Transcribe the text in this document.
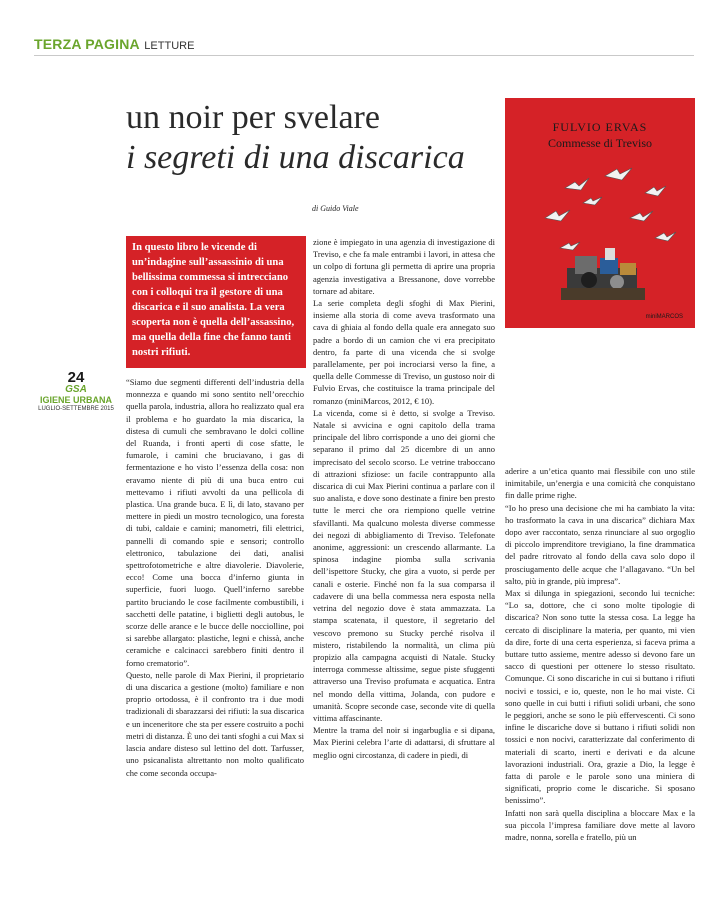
TERZA PAGINA LETTURE
un noir per svelare
i segreti di una discarica
di Guido Viale
FULVIO ERVAS
Commesse di Treviso
miniMARCOS
In questo libro le vicende di un’indagine sull’assassinio di una bellissima commessa si intrecciano con i colloqui tra il gestore di una discarica e il suo analista. La vera scoperta non è quella dell’assassino, ma quella della fine che fanno tanti nostri rifiuti.
24
GSA
IGIENE URBANA
LUGLIO-SETTEMBRE 2015

“Siamo due segmenti differenti dell’industria della monnezza e quando mi sono sentito nell’orecchio quella parola, industria, allora ho realizzato qual era il problema e ho guardato la mia discarica, la distesa di cumuli che sembravano le dolci colline del Ruanda, i fronti aperti di cose sfatte, le fumarole, i camini che bruciavano, i gas di fermentazione e ho visto l’essenza della cosa: non eravamo niente di più di una buca entro cui mettevamo i rifiuti avvolti da una pellicola di plastica. Una grande buca. E lì, di lato, stavano per mettere in piedi un mostro tecnologico, una foresta di tubi, caldaie e camini; manometri, fili elettrici, pannelli di comando spie e sensori; controllo elettronico, tabulazione dei dati, analisi spettrofotometriche e altre diavolerie. Diavolerie, ecco! Come una bocca d’inferno giunta in superficie, fuori luogo. Quell’inferno sarebbe partito bruciando le cose facilmente combustibili, i sacchetti delle patatine, i biglietti degli autobus, le scorze delle arance e le bucce delle nocciolline, poi si sarebbe allargato: plastiche, legni e chissà, anche ceramiche e calcinacci sarebbero finiti dentro il forno crematorio”.

Questo, nelle parole di Max Pierini, il proprietario di una discarica a gestione (molto) familiare e non proprio ortodossa, è il confronto tra i due modi tradizionali di sbarazzarsi dei rifiuti: la sua discarica e un inceneritore che sta per essere costruito a pochi metri di distanza. È uno dei tanti sfoghi a cui Max si lascia andare disteso sul lettino del dott. Tarfusser, uno psicanalista altrettanto non molto qualificato che come seconda occupa-

zione è impiegato in una agenzia di investigazione di Treviso, e che fa male entrambi i lavori, in attesa che un colpo di fortuna gli permetta di aprire una propria agenzia investigativa a Bressanone, dove vorrebbe tornare ad abitare.

La serie completa degli sfoghi di Max Pierini, insieme alla storia di come aveva trasformato una cava di ghiaia al fondo della quale era annegato suo padre a bordo di un camion che vi era precipitato dentro, fa parte di una vicenda che si svolge parallelamente, per poi incrociarsi verso la fine, a quella delle Commesse di Treviso, un gustoso noir di Fulvio Ervas, che costituisce la trama principale del romanzo (miniMarcos, 2012, € 10).

La vicenda, come si è detto, si svolge a Treviso. Natale si avvicina e ogni capitolo della trama principale del libro corrisponde a uno dei giorni che separano il primo dal 25 dicembre di un anno imprecisato del secolo scorso. Le vetrine traboccano di attrazioni sfiziose: un facile contrappunto alla discarica di cui Max Pierini continua a parlare con il suo analista, e dove sono destinate a finire ben presto tutte le merci che ora riempiono quelle vetrine sfavillanti. Ma qualcuno molesta diverse commesse dei negozi di abbigliamento di Treviso. Telefonate anonime, aggressioni: un crescendo allarmante. La spinosa indagine piomba sulla scrivania dell’ispettore Stucky, che gira a vuoto, si perde per canali e osterie. Finché non fa la sua comparsa il cadavere di una bella commessa nera esposta nella vetrina del negozio dove è stata ammazzata. La stampa scatenata, il questore, il segretario del vescovo premono su Stucky perché risolva il mistero, ristabilendo la normalità, un clima più propizio alla campagna acquisti di Natale. Stucky interroga commesse altissime, segue piste sfuggenti attraverso una Treviso profumata e acquatica. Entra nel mondo della vittima, Jolanda, con pudore e umanità. Scopre seconde case, seconde vite di quella vittima affascinante.

Mentre la trama del noir si ingarbuglia e si dipana, Max Pierini celebra l’arte di adattarsi, di sfruttare al meglio ogni circostanza, di cadere in piedi, di

aderire a un’etica quanto mai flessibile con uno stile inimitabile, un’energia e una comicità che conquistano fin dalle prime righe.

“Io ho preso una decisione che mi ha cambiato la vita: ho trasformato la cava in una discarica” dichiara Max dopo aver raccontato, senza rinunciare al suo orgoglio di piccolo imprenditore trevigiano, la fine drammatica del padre ritrovato al fondo della cava solo dopo il prosciugamento delle acque che l’allagavano. “Un bel salto, più in grande, più impresa”.

Max si dilunga in spiegazioni, secondo lui tecniche: “Lo sa, dottore, che ci sono molte tipologie di discarica? Non sono tutte la stessa cosa. La legge ha cercato di disciplinare la materia, per quanto, mi vien da dire, forte di una certa esperienza, si faceva prima a buttare tutto assieme, mentre adesso si devono fare un sacco di questioni per ottenere lo stesso risultato. Comunque. Ci sono discariche in cui si buttano i rifiuti nocivi e tossici, e io, queste, non le ho mai viste. Ci sono quelle in cui butti i rifiuti solidi urbani, che sono le peggiori, anche se sono le più effervescenti. Ci sono infine le discariche dove si buttano i rifiuti solidi non tossici e non nocivi, caratterizzate dal conferimento di materiali di scarto, inerti e derivati e da alcune lavorazioni industriali. Ora, grazie a Dio, la legge è fatta di parole e le parole sono una miniera di significati, proprio come le discariche. Si sposano benissimo”.

Infatti non sarà quella disciplina a bloccare Max e la sua piccola l’impresa familiare dove mette al lavoro madre, nonna, sorella e fratello, più un
